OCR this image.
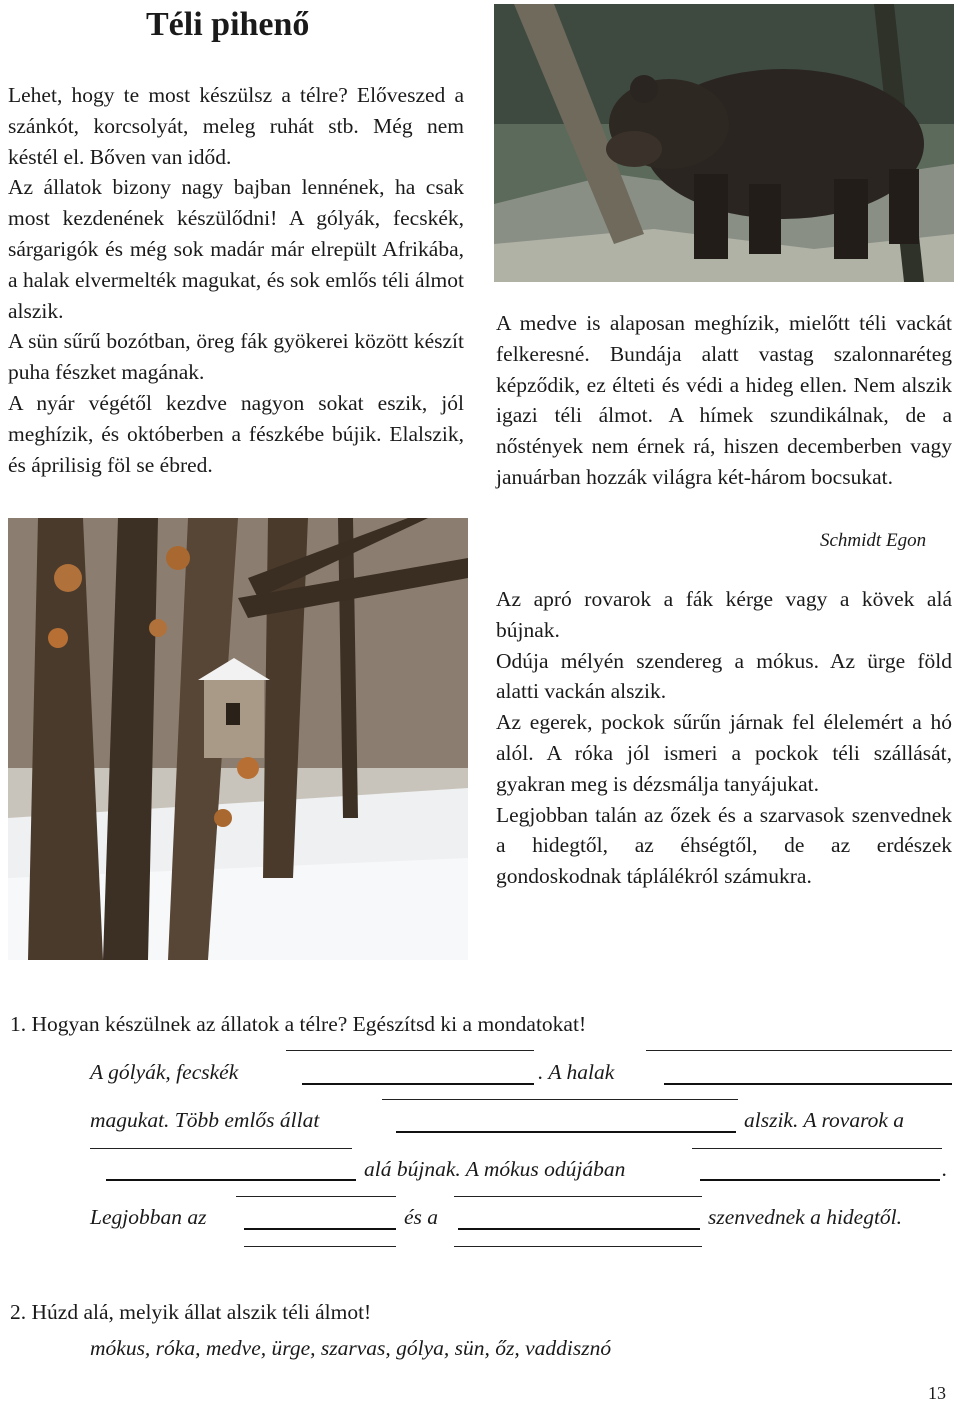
Téli pihenő

Lehet, hogy te most készülsz a télre? Előveszed a szánkót, korcsolyát, meleg ruhát stb. Még nem késtél el. Bőven van időd.

Az állatok bizony nagy bajban lennének, ha csak most kezdenének készülődni! A gólyák, fecskék, sárgarigók és még sok madár már elrepült Afrikába, a halak elvermelték magukat, és sok emlős téli álmot alszik.

A sün sűrű bozótban, öreg fák gyökerei között készít puha fészket magának.

A nyár végétől kezdve nagyon sokat eszik, jól meghízik, és októberben a fészkébe bújik. Elalszik, és áprilisig föl se ébred.

A medve is alaposan meghízik, mielőtt téli vackát felkeresné. Bundája alatt vastag szalonnaréteg képződik, ez élteti és védi a hideg ellen. Nem alszik igazi téli álmot. A hímek szundikálnak, de a nőstények nem érnek rá, hiszen decemberben vagy januárban hozzák világra két-három bocsukat.

Schmidt Egon

Az apró rovarok a fák kérge vagy a kövek alá bújnak.

Odúja mélyén szendereg a mókus. Az ürge föld alatti vackán alszik.

Az egerek, pockok sűrűn járnak fel élelemért a hó alól. A róka jól ismeri a pockok téli szállását, gyakran meg is dézsmálja tanyájukat.

Legjobban talán az őzek és a szarvasok szenvednek a hidegtől, az éhségtől, de az erdészek gondoskodnak táplálékról számukra.

1. Hogyan készülnek az állatok a télre? Egészítsd ki a mondatokat!
A gólyák, fecskék	. A halak
magukat. Több emlős állat	alszik. A rovarok a
alá bújnak. A mókus odújában	.
Legjobban az	és a	szenvednek a hidegtől.
2. Húzd alá, melyik állat alszik téli álmot!
mókus, róka, medve, ürge, szarvas, gólya, sün, őz, vaddisznó
13
